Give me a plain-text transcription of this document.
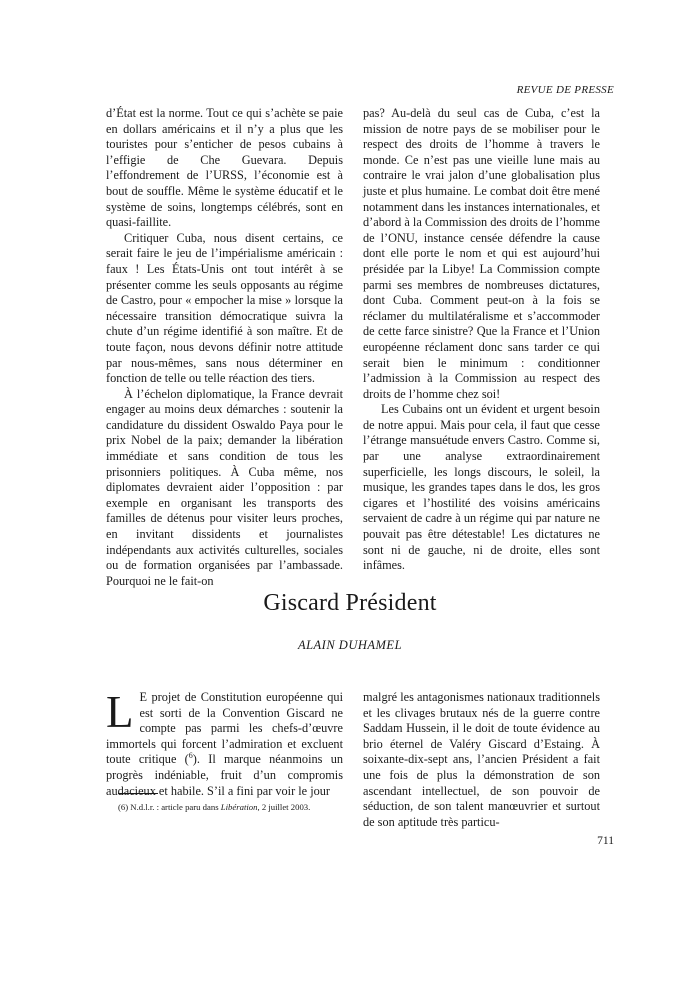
REVUE DE PRESSE

d’État est la norme. Tout ce qui s’achète se paie en dollars américains et il n’y a plus que les touristes pour s’enticher de pesos cubains à l’effigie de Che Guevara. Depuis l’effondrement de l’URSS, l’économie est à bout de souffle. Même le système éducatif et le système de soins, longtemps célébrés, sont en quasi-faillite.

Critiquer Cuba, nous disent certains, ce serait faire le jeu de l’impérialisme américain : faux ! Les États-Unis ont tout intérêt à se présenter comme les seuls opposants au régime de Castro, pour « empocher la mise » lorsque la nécessaire transition démocratique suivra la chute d’un régime identifié à son maître. Et de toute façon, nous devons définir notre attitude par nous-mêmes, sans nous déterminer en fonction de telle ou telle réaction des tiers.

À l’échelon diplomatique, la France devrait engager au moins deux démarches : soutenir la candidature du dissident Oswaldo Paya pour le prix Nobel de la paix; demander la libération immédiate et sans condition de tous les prisonniers politiques. À Cuba même, nos diplomates devraient aider l’opposition : par exemple en organisant les transports des familles de détenus pour visiter leurs proches, en invitant dissidents et journalistes indépendants aux activités culturelles, sociales ou de formation organisées par l’ambassade. Pourquoi ne le fait-on

pas? Au-delà du seul cas de Cuba, c’est la mission de notre pays de se mobiliser pour le respect des droits de l’homme à travers le monde. Ce n’est pas une vieille lune mais au contraire le vrai jalon d’une globalisation plus juste et plus humaine. Le combat doit être mené notamment dans les instances internationales, et d’abord à la Commission des droits de l’homme de l’ONU, instance censée défendre la cause dont elle porte le nom et qui est aujourd’hui présidée par la Libye! La Commission compte parmi ses membres de nombreuses dictatures, dont Cuba. Comment peut-on à la fois se réclamer du multilatéralisme et s’accommoder de cette farce sinistre? Que la France et l’Union européenne réclament donc sans tarder ce qui serait bien le minimum : conditionner l’admission à la Commission au respect des droits de l’homme chez soi!

Les Cubains ont un évident et urgent besoin de notre appui. Mais pour cela, il faut que cesse l’étrange mansuétude envers Castro. Comme si, par une analyse extraordinairement superficielle, les longs discours, le soleil, la musique, les grandes tapes dans le dos, les gros cigares et l’hostilité des voisins américains servaient de cadre à un régime qui par nature ne pouvait pas être détestable! Les dictatures ne sont ni de gauche, ni de droite, elles sont infâmes.

Giscard Président
ALAIN DUHAMEL

L E projet de Constitution européenne qui est sorti de la Convention Giscard ne compte pas parmi les chefs-d’œuvre immortels qui forcent l’admiration et excluent toute critique ($^6$). Il marque néanmoins un progrès indéniable, fruit d’un compromis audacieux et habile. S’il a fini par voir le jour

malgré les antagonismes nationaux traditionnels et les clivages brutaux nés de la guerre contre Saddam Hussein, il le doit de toute évidence au brio éternel de Valéry Giscard d’Estaing. À soixante-dix-sept ans, l’ancien Président a fait une fois de plus la démonstration de son ascendant intellectuel, de son pouvoir de séduction, de son talent manœuvrier et surtout de son aptitude très particu-

(6) N.d.l.r. : article paru dans Libération, 2 juillet 2003.
711
